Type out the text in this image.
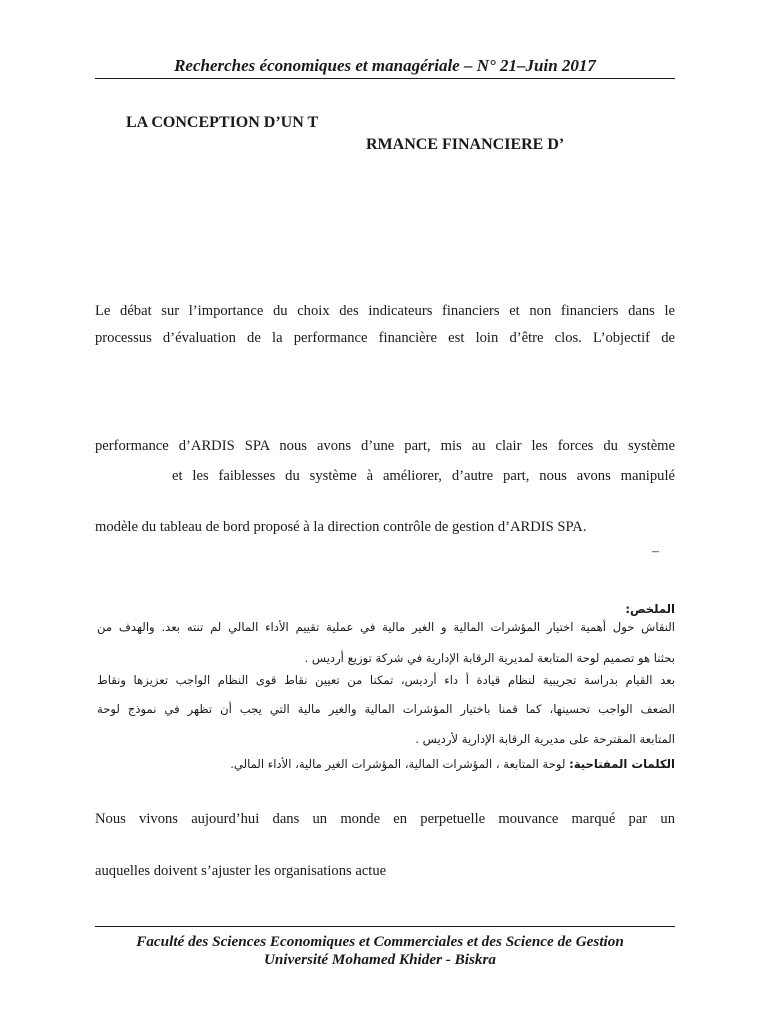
Recherches économiques et managériale – N° 21–Juin 2017
LA CONCEPTION D’UN T
RMANCE FINANCIERE D’
Le débat sur l’importance du choix des indicateurs financiers et non financiers dans le
processus d’évaluation de la performance financière est loin d’être clos. L’objectif de
performance d’ARDIS SPA nous avons d’une part, mis au clair les forces du système
et les faiblesses du système à améliorer, d’autre part, nous avons manipulé
modèle du tableau de bord proposé à la direction contrôle de gestion d’ARDIS SPA.
–
الملخص:
النقاش حول أهمية اختيار المؤشرات المالية و الغير مالية في عملية تقييم الأداء المالي لم تنته بعد. والهدف من
بحثنا هو تصميم لوحة المتابعة لمديرية الرقابة الإدارية في شركة توزيع أرديس .
بعد القيام بدراسة تجريبية لنظام قيادة أ داء أرديس، تمكنا من تعيين نقاط قوى النظام الواجب تعزيزها ونقاط
الضعف الواجب تحسينها، كما قمنا باختيار المؤشرات المالية والغير مالية التي يجب أن تظهر في نموذج لوحة
المتابعة المقترحة على مديرية الرقابة الإدارية لأرديس .
الكلمات المفتاحية: لوحة المتابعة ، المؤشرات المالية، المؤشرات الغير مالية، الأداء المالي.
Nous vivons aujourd’hui dans un monde en perpetuelle mouvance marqué par un
auquelles doivent s’ajuster les organisations actue
Faculté des Sciences Economiques et Commerciales et des Science de Gestion
Université Mohamed Khider - Biskra
